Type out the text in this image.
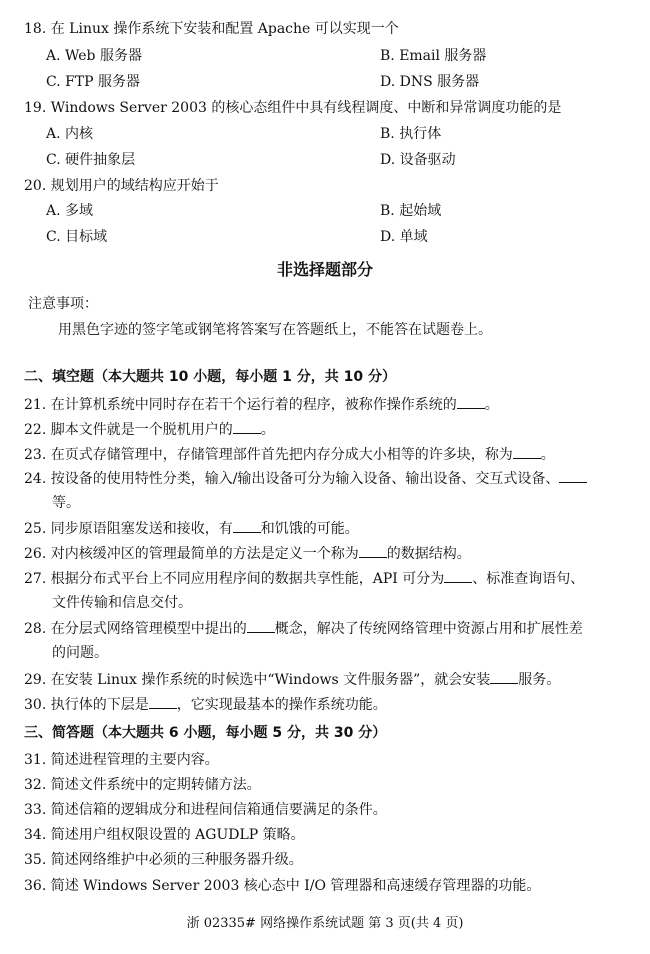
18. 在 Linux 操作系统下安装和配置 Apache 可以实现一个
A. Web 服务器	B. Email 服务器
C. FTP 服务器	D. DNS 服务器
19. Windows Server 2003 的核心态组件中具有线程调度、中断和异常调度功能的是
A. 内核	B. 执行体
C. 硬件抽象层	D. 设备驱动
20. 规划用户的域结构应开始于
A. 多域	B. 起始域
C. 目标域	D. 单域
非选择题部分
注意事项：
用黑色字迹的签字笔或钢笔将答案写在答题纸上，不能答在试题卷上。
二、填空题（本大题共 10 小题，每小题 1 分，共 10 分）
21. 在计算机系统中同时存在若干个运行着的程序，被称作操作系统的 。
22. 脚本文件就是一个脱机用户的 。
23. 在页式存储管理中，存储管理部件首先把内存分成大小相等的许多块，称为 。
24. 按设备的使用特性分类，输入/输出设备可分为输入设备、输出设备、交互式设备、
等。
25. 同步原语阻塞发送和接收，有 和饥饿的可能。
26. 对内核缓冲区的管理最简单的方法是定义一个称为 的数据结构。
27. 根据分布式平台上不同应用程序间的数据共享性能，API 可分为 、标准查询语句、
文件传输和信息交付。
28. 在分层式网络管理模型中提出的 概念，解决了传统网络管理中资源占用和扩展性差
的问题。
29. 在安装 Linux 操作系统的时候选中“Windows 文件服务器”，就会安装 服务。
30. 执行体的下层是 ，它实现最基本的操作系统功能。
三、简答题（本大题共 6 小题，每小题 5 分，共 30 分）
31. 简述进程管理的主要内容。
32. 简述文件系统中的定期转储方法。
33. 简述信箱的逻辑成分和进程间信箱通信要满足的条件。
34. 简述用户组权限设置的 AGUDLP 策略。
35. 简述网络维护中必须的三种服务器升级。
36. 简述 Windows Server 2003 核心态中 I/O 管理器和高速缓存管理器的功能。
浙 02335# 网络操作系统试题 第 3 页(共 4 页)
